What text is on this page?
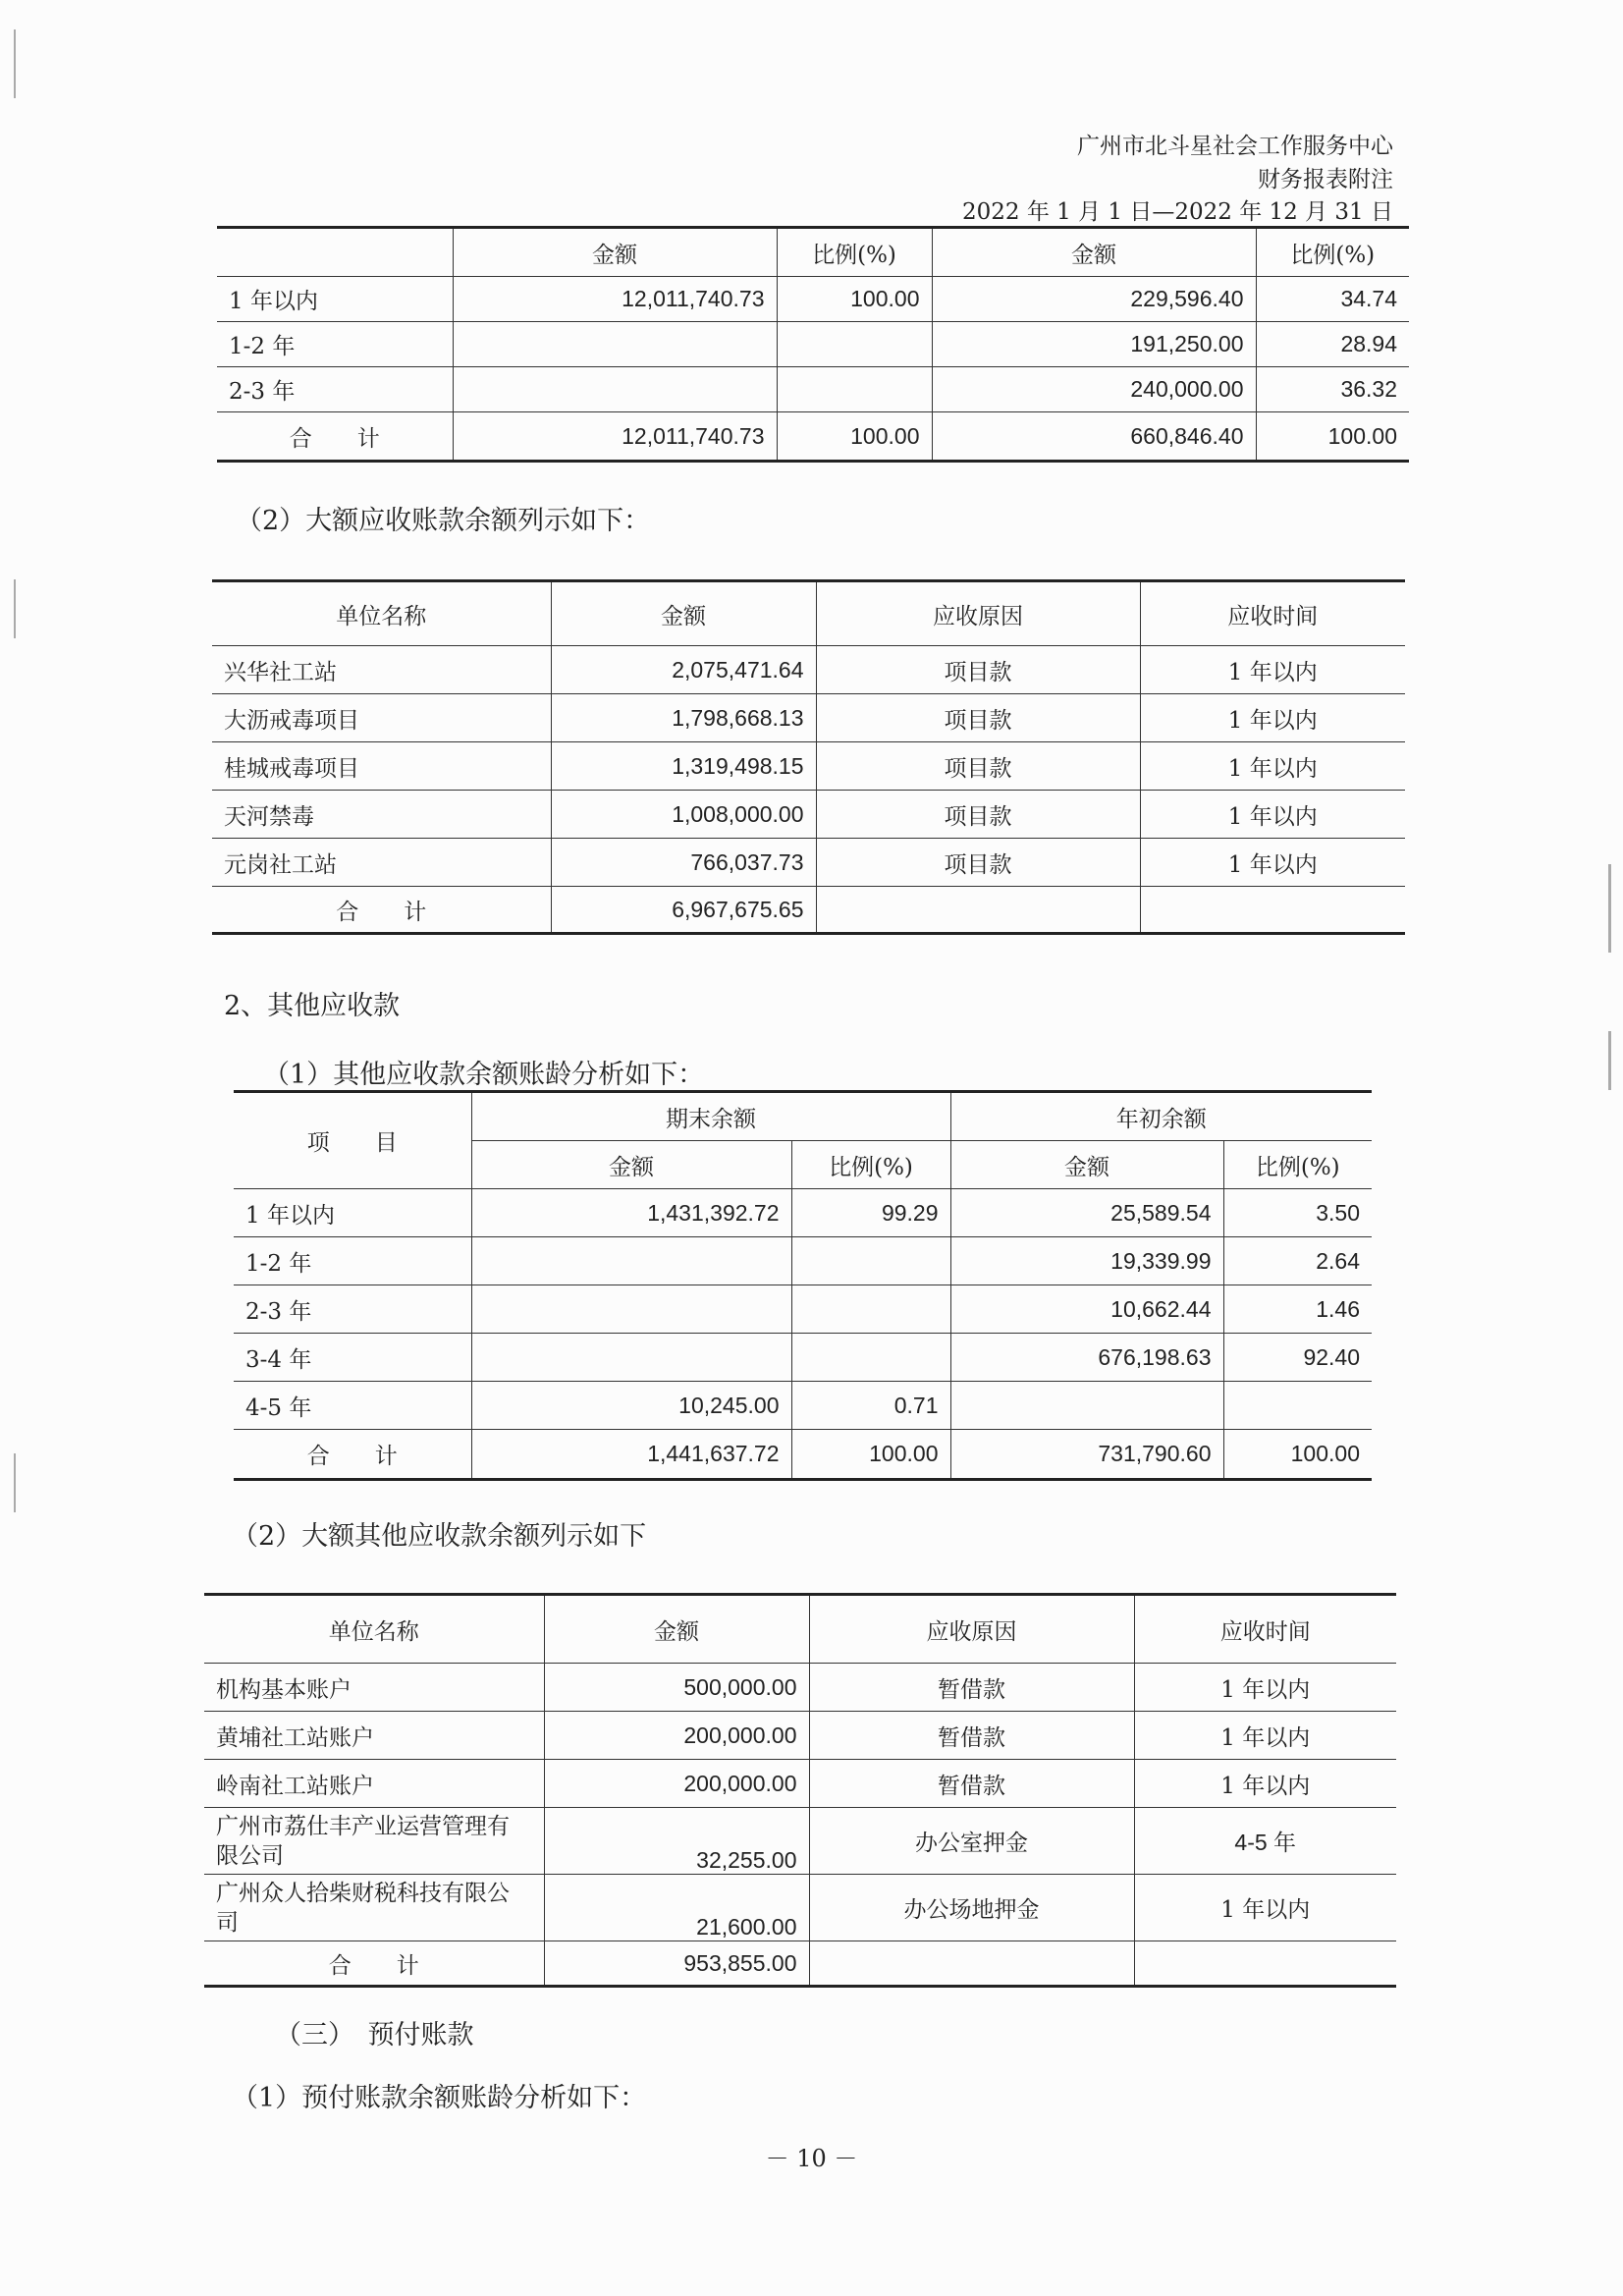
广州市北斗星社会工作服务中心
财务报表附注
2022 年 1 月 1 日—2022 年 12 月 31 日
	金额	比例(%)	金额	比例(%)
1 年以内	12,011,740.73	100.00	229,596.40	34.74
1-2 年			191,250.00	28.94
2-3 年			240,000.00	36.32
合　　计	12,011,740.73	100.00	660,846.40	100.00
（2）大额应收账款余额列示如下：
单位名称	金额	应收原因	应收时间
兴华社工站	2,075,471.64	项目款	1 年以内
大沥戒毒项目	1,798,668.13	项目款	1 年以内
桂城戒毒项目	1,319,498.15	项目款	1 年以内
天河禁毒	1,008,000.00	项目款	1 年以内
元岗社工站	766,037.73	项目款	1 年以内
合　　计	6,967,675.65		
2、其他应收款
（1）其他应收款余额账龄分析如下：
项　　目	期末余额		年初余额	
	金额	比例(%)	金额	比例(%)
1 年以内	1,431,392.72	99.29	25,589.54	3.50
1-2 年			19,339.99	2.64
2-3 年			10,662.44	1.46
3-4 年			676,198.63	92.40
4-5 年	10,245.00	0.71		
合　　计	1,441,637.72	100.00	731,790.60	100.00
（2）大额其他应收款余额列示如下
单位名称	金额	应收原因	应收时间
机构基本账户	500,000.00	暂借款	1 年以内
黄埔社工站账户	200,000.00	暂借款	1 年以内
岭南社工站账户	200,000.00	暂借款	1 年以内
广州市荔仕丰产业运营管理有限公司	32,255.00	办公室押金	4-5 年
广州众人拾柴财税科技有限公司	21,600.00	办公场地押金	1 年以内
合　　计	953,855.00		
（三）　预付账款
（1）预付账款余额账龄分析如下：
－ 10 －
